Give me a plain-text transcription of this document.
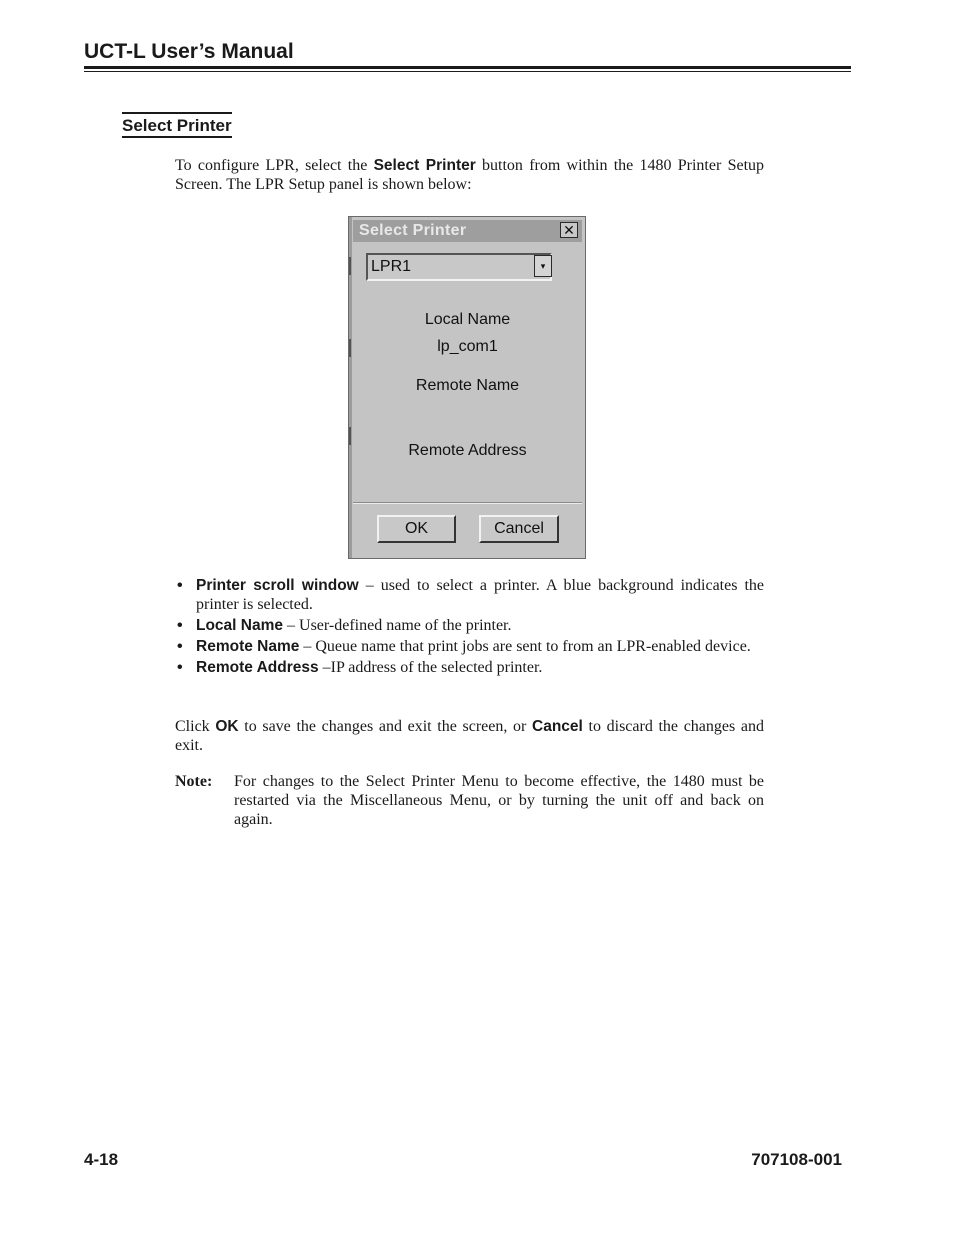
UCT-L User’s Manual
Select Printer
To configure LPR, select the Select Printer button from within the 1480 Printer Setup Screen. The LPR Setup panel is shown below:
Select Printer	✕
LPR1	▾
Local Name
lp_com1
Remote Name
Remote Address
OK	Cancel
• Printer scroll window – used to select a printer. A blue background indicates the printer is selected.
• Local Name – User-defined name of the printer.
• Remote Name – Queue name that print jobs are sent to from an LPR-enabled device.
• Remote Address –IP address of the selected printer.
Click OK to save the changes and exit the screen, or Cancel to discard the changes and exit.
Note: For changes to the Select Printer Menu to become effective, the 1480 must be restarted via the Miscellaneous Menu, or by turning the unit off and back on again.
4-18	707108-001
